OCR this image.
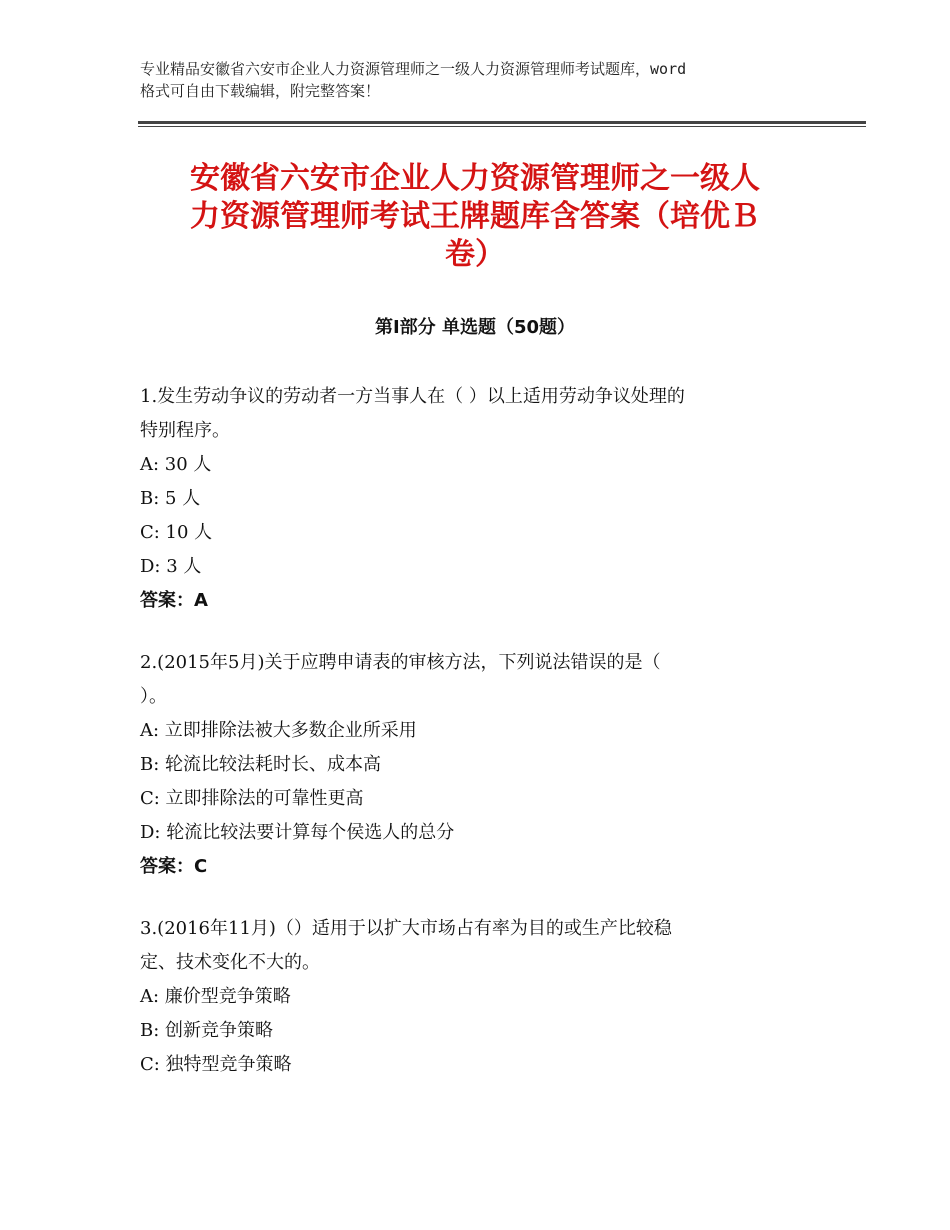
专业精品安徽省六安市企业人力资源管理师之一级人力资源管理师考试题库，word
格式可自由下载编辑，附完整答案！
安徽省六安市企业人力资源管理师之一级人
力资源管理师考试王牌题库含答案（培优Ｂ
卷）
第Ⅰ部分 单选题（50题）
1.发生劳动争议的劳动者一方当事人在（ ）以上适用劳动争议处理的
特别程序。
A: 30 人
B: 5 人
C: 10 人
D: 3 人
答案：A
2.(2015年5月)关于应聘申请表的审核方法，下列说法错误的是（
）。
A: 立即排除法被大多数企业所采用
B: 轮流比较法耗时长、成本高
C: 立即排除法的可靠性更高
D: 轮流比较法要计算每个侯选人的总分
答案：C
3.(2016年11月)（）适用于以扩大市场占有率为目的或生产比较稳
定、技术变化不大的。
A: 廉价型竞争策略
B: 创新竞争策略
C: 独特型竞争策略
